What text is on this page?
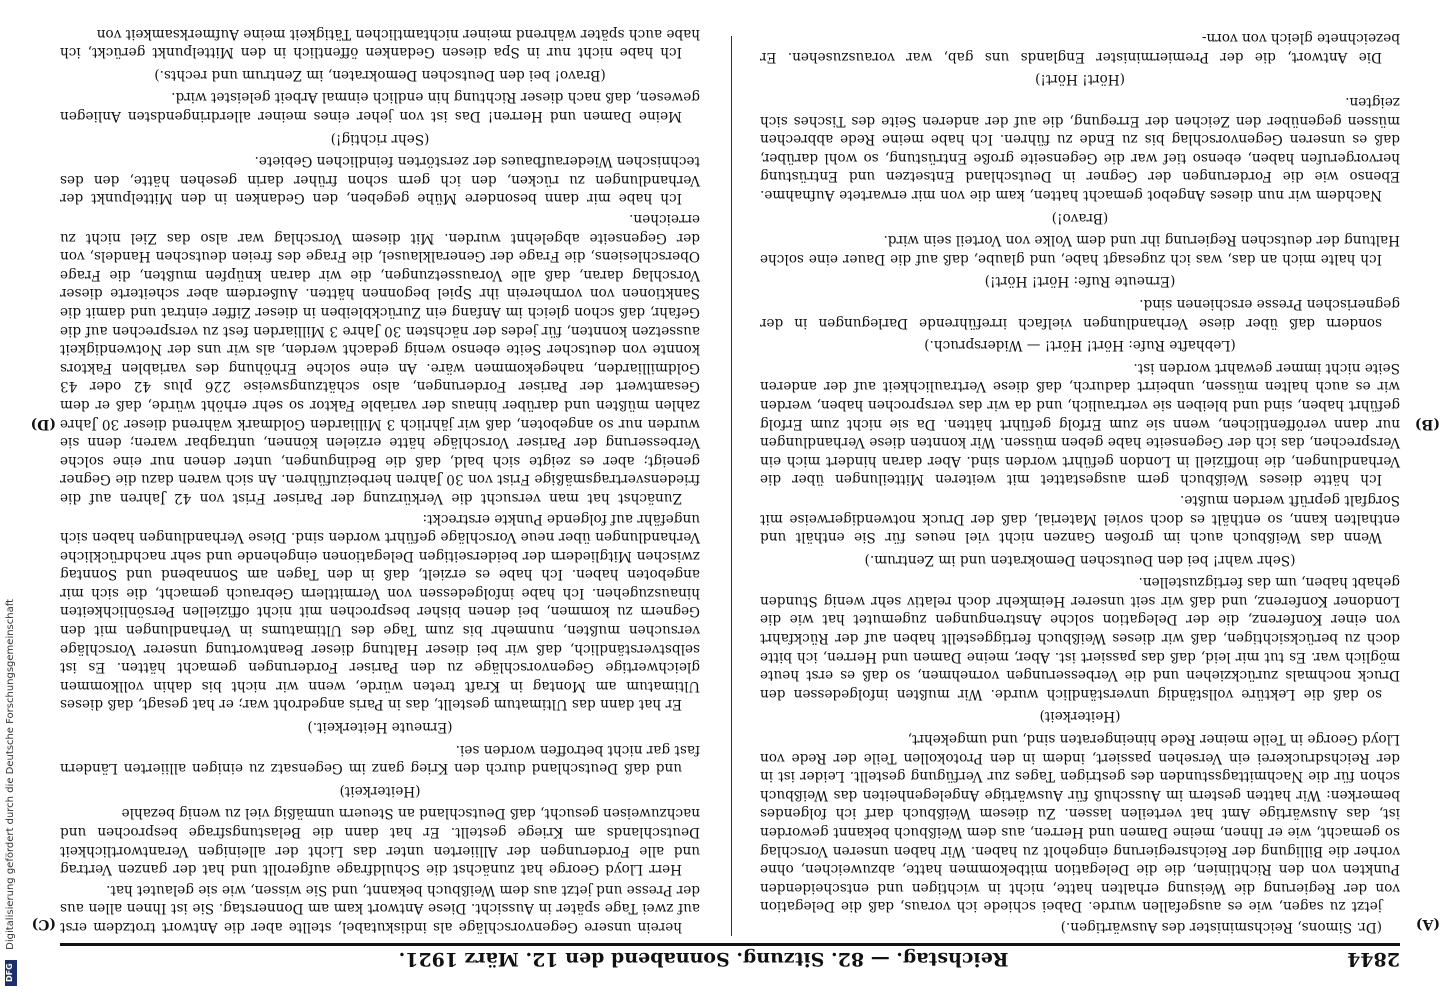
2844
Reichstag. — 82. Sitzung. Sonnabend den 12. März 1921.
(A)
(B)
(C)
(D)

(Dr. Simons, Reichsminister des Auswärtigen.)

jetzt zu sagen, wie es ausgefallen wurde. Dabei schiede ich voraus, daß die Delegation von der Regierung die Weisung erhalten hatte, nicht in wichtigen und entscheidenden Punkten von den Richtlinien, die die Delegation mitbekommen hatte, abzuweichen, ohne vorher die Billigung der Reichsregierung eingeholt zu haben. Wir haben unseren Vorschlag so gemacht, wie er Ihnen, meine Damen und Herren, aus dem Weißbuch bekannt geworden ist, das Auswärtige Amt hat verteilen lassen. Zu diesem Weißbuch darf ich folgendes bemerken: Wir hatten gestern im Ausschuß für Auswärtige Angelegenheiten das Weißbuch schon für die Nachmittagsstunden des gestrigen Tages zur Verfügung gestellt. Leider ist in der Reichsdruckerei ein Versehen passiert, indem in den Protokollen Teile der Rede von Lloyd George in Teile meiner Rede hineingeraten sind, und umgekehrt,

(Heiterkeit)

so daß die Lektüre vollständig unverständlich wurde. Wir mußten infolgedessen den Druck nochmals zurückziehen und die Verbesserungen vornehmen, so daß es erst heute möglich war. Es tut mir leid, daß das passiert ist. Aber, meine Damen und Herren, ich bitte doch zu berücksichtigen, daß wir dieses Weißbuch fertiggestellt haben auf der Rückfahrt von einer Konferenz, die der Delegation solche Anstrengungen zugemutet hat wie die Londoner Konferenz, und daß wir seit unserer Heimkehr doch relativ sehr wenig Stunden gehabt haben, um das fertigzustellen.

(Sehr wahr! bei den Deutschen Demokraten und im Zentrum.)

Wenn das Weißbuch auch im großen Ganzen nicht viel neues für Sie enthält und enthalten kann, so enthält es doch soviel Material, daß der Druck notwendigerweise mit Sorgfalt geprüft werden mußte.

Ich hätte dieses Weißbuch gern ausgestattet mit weiteren Mitteilungen über die Verhandlungen, die inoffiziell in London geführt worden sind. Aber daran hindert mich ein Versprechen, das ich der Gegenseite habe geben müssen. Wir konnten diese Verhandlungen nur dann veröffentlichen, wenn sie zum Erfolg geführt hätten. Da sie nicht zum Erfolg geführt haben, sind und bleiben sie vertraulich, und da wir das versprochen haben, werden wir es auch halten müssen, unbeirrt dadurch, daß diese Vertraulichkeit auf der anderen Seite nicht immer gewahrt worden ist.

(Lebhafte Rufe: Hört! Hört! — Widerspruch.)

sondern daß über diese Verhandlungen vielfach irreführende Darlegungen in der gegnerischen Presse erschienen sind.

(Erneute Rufe: Hört! Hört!)

Ich halte mich an das, was ich zugesagt habe, und glaube, daß auf die Dauer eine solche Haltung der deutschen Regierung ihr und dem Volke von Vorteil sein wird.

(Bravo!)

Nachdem wir nun dieses Angebot gemacht hatten, kam die von mir erwartete Aufnahme. Ebenso wie die Forderungen der Gegner in Deutschland Entsetzen und Entrüstung hervorgerufen haben, ebenso tief war die Gegenseite große Entrüstung, so wohl darüber, daß es unseren Gegenvorschlag bis zu Ende zu führen. Ich habe meine Rede abbrechen müssen gegenüber den Zeichen der Erregung, die auf der anderen Seite des Tisches sich zeigten.

(Hört! Hört!)

Die Antwort, die der Premierminister Englands uns gab, war vorauszusehen. Er bezeichnete gleich von vorn-

herein unsere Gegenvorschläge als indiskutabel, stellte aber die Antwort trotzdem erst auf zwei Tage später in Aussicht. Diese Antwort kam am Donnerstag. Sie ist Ihnen allen aus der Presse und jetzt aus dem Weißbuch bekannt, und Sie wissen, wie sie gelautet hat.

Herr Lloyd George hat zunächst die Schuldfrage aufgerollt und hat der ganzen Vertrag und alle Forderungen der Alliierten unter das Licht der alleinigen Verantwortlichkeit Deutschlands am Kriege gestellt. Er hat dann die Belastungsfrage besprochen und nachzuweisen gesucht, daß Deutschland an Steuern unmäßig viel zu wenig bezahle

(Heiterkeit)

und daß Deutschland durch den Krieg ganz im Gegensatz zu einigen alliierten Ländern fast gar nicht betroffen worden sei.

(Erneute Heiterkeit.)

Er hat dann das Ultimatum gestellt, das in Paris angedroht war; er hat gesagt, daß dieses Ultimatum am Montag in Kraft treten würde, wenn wir nicht bis dahin vollkommen gleichwertige Gegenvorschläge zu den Pariser Forderungen gemacht hätten. Es ist selbstverständlich, daß wir bei dieser Haltung dieser Beantwortung unserer Vorschläge versuchen mußten, nunmehr bis zum Tage des Ultimatums in Verhandlungen mit den Gegnern zu kommen, bei denen bisher besprochen mit nicht offiziellen Persönlichkeiten hinauszugehen. Ich habe infolgedessen von Vermittlern Gebrauch gemacht, die sich mir angeboten haben. Ich habe es erzielt, daß in den Tagen am Sonnabend und Sonntag zwischen Mitgliedern der beiderseitigen Delegationen eingehende und sehr nachdrückliche Verhandlungen über neue Vorschläge geführt worden sind. Diese Verhandlungen haben sich ungefähr auf folgende Punkte erstreckt:

Zunächst hat man versucht die Verkürzung der Pariser Frist von 42 Jahren auf die friedensvertragsmäßige Frist von 30 Jahren herbeizuführen. An sich waren dazu die Gegner geneigt; aber es zeigte sich bald, daß die Bedingungen, unter denen nur eine solche Verbesserung der Pariser Vorschläge hätte erzielen können, untragbar waren; denn sie wurden nur so angeboten, daß wir jährlich 3 Milliarden Goldmark während dieser 30 Jahre zahlen müßten und darüber hinaus der variable Faktor so sehr erhöht würde, daß er dem Gesamtwert der Pariser Forderungen, also schätzungsweise 226 plus 42 oder 43 Goldmilliarden, nahegekommen wäre. An eine solche Erhöhung des variablen Faktors konnte von deutscher Seite ebenso wenig gedacht werden, als wir uns der Notwendigkeit aussetzen konnten, für jedes der nächsten 30 Jahre 3 Milliarden fest zu versprechen auf die Gefahr, daß schon gleich im Anfang ein Zurückbleiben in dieser Ziffer eintrat und damit die Sanktionen von vornherein ihr Spiel begonnen hätten. Außerdem aber scheiterte dieser Vorschlag daran, daß alle Voraussetzungen, die wir daran knüpfen mußten, die Frage Oberschlesiens, die Frage der Generalklausel, die Frage des freien deutschen Handels, von der Gegenseite abgelehnt wurden. Mit diesem Vorschlag war also das Ziel nicht zu erreichen.

Ich habe mir dann besondere Mühe gegeben, den Gedanken in den Mittelpunkt der Verhandlungen zu rücken, den ich gern schon früher darin gesehen hätte, den des technischen Wiederaufbaues der zerstörten feindlichen Gebiete.

(Sehr richtig!)

Meine Damen und Herren! Das ist von jeher eines meiner allerdringendsten Anliegen gewesen, daß nach dieser Richtung hin endlich einmal Arbeit geleistet wird.

(Bravo! bei den Deutschen Demokraten, im Zentrum und rechts.)

Ich habe nicht nur in Spa diesen Gedanken öffentlich in den Mittelpunkt gerückt, ich habe auch später während meiner nichtamtlichen Tätigkeit meine Aufmerksamkeit von

Digitalisierung gefördert durch die Deutsche Forschungsgemeinschaft
DFG
